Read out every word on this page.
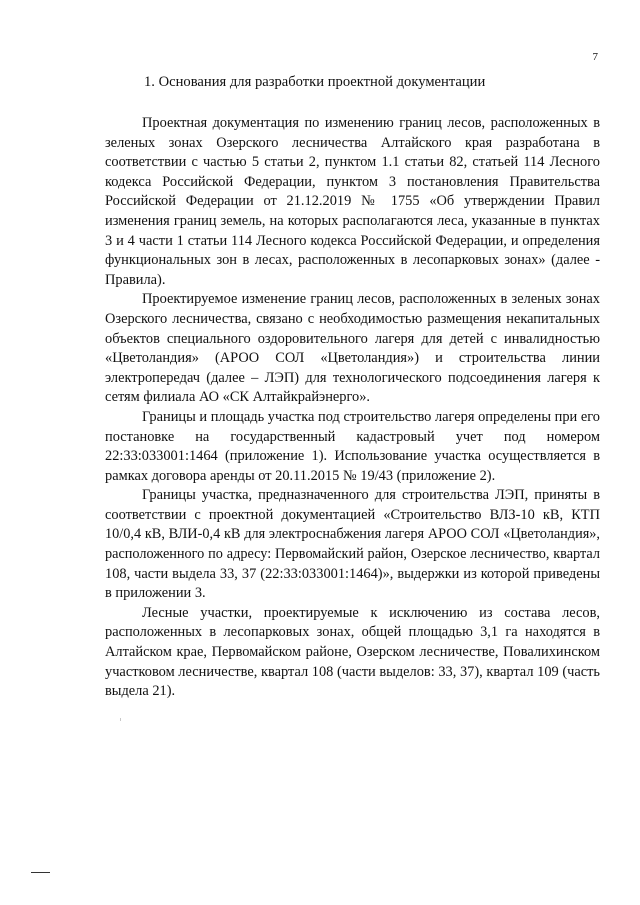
7
1. Основания для разработки проектной документации
Проектная документация по изменению границ лесов, расположенных в
зеленых зонах Озерского лесничества Алтайского края разработана в
соответствии с частью 5 статьи 2, пунктом 1.1 статьи 82, статьей 114 Лесного
кодекса Российской Федерации, пунктом 3 постановления Правительства
Российской Федерации от 21.12.2019 № 1755 «Об утверждении Правил
изменения границ земель, на которых располагаются леса, указанные в пунктах
3 и 4 части 1 статьи 114 Лесного кодекса Российской Федерации, и определения
функциональных зон в лесах, расположенных в лесопарковых зонах» (далее -
Правила).
Проектируемое изменение границ лесов, расположенных в зеленых зонах
Озерского лесничества, связано с необходимостью размещения некапитальных
объектов специального оздоровительного лагеря для детей с инвалидностью
«Цветоландия» (АРОО СОЛ «Цветоландия») и строительства линии
электропередач (далее – ЛЭП) для технологического подсоединения лагеря к
сетям филиала АО «СК Алтайкрайэнерго».
Границы и площадь участка под строительство лагеря определены при его
постановке на государственный кадастровый учет под номером
22:33:033001:1464 (приложение 1). Использование участка осуществляется в
рамках договора аренды от 20.11.2015 № 19/43 (приложение 2).
Границы участка, предназначенного для строительства ЛЭП, приняты в
соответствии с проектной документацией «Строительство ВЛЗ-10 кВ, КТП
10/0,4 кВ, ВЛИ-0,4 кВ для электроснабжения лагеря АРОО СОЛ «Цветоландия»,
расположенного по адресу: Первомайский район, Озерское лесничество, квартал
108, части выдела 33, 37 (22:33:033001:1464)», выдержки из которой приведены
в приложении 3.
Лесные участки, проектируемые к исключению из состава лесов,
расположенных в лесопарковых зонах, общей площадью 3,1 га находятся в
Алтайском крае, Первомайском районе, Озерском лесничестве, Повалихинском
участковом лесничестве, квартал 108 (части выделов: 33, 37), квартал 109 (часть
выдела 21).
